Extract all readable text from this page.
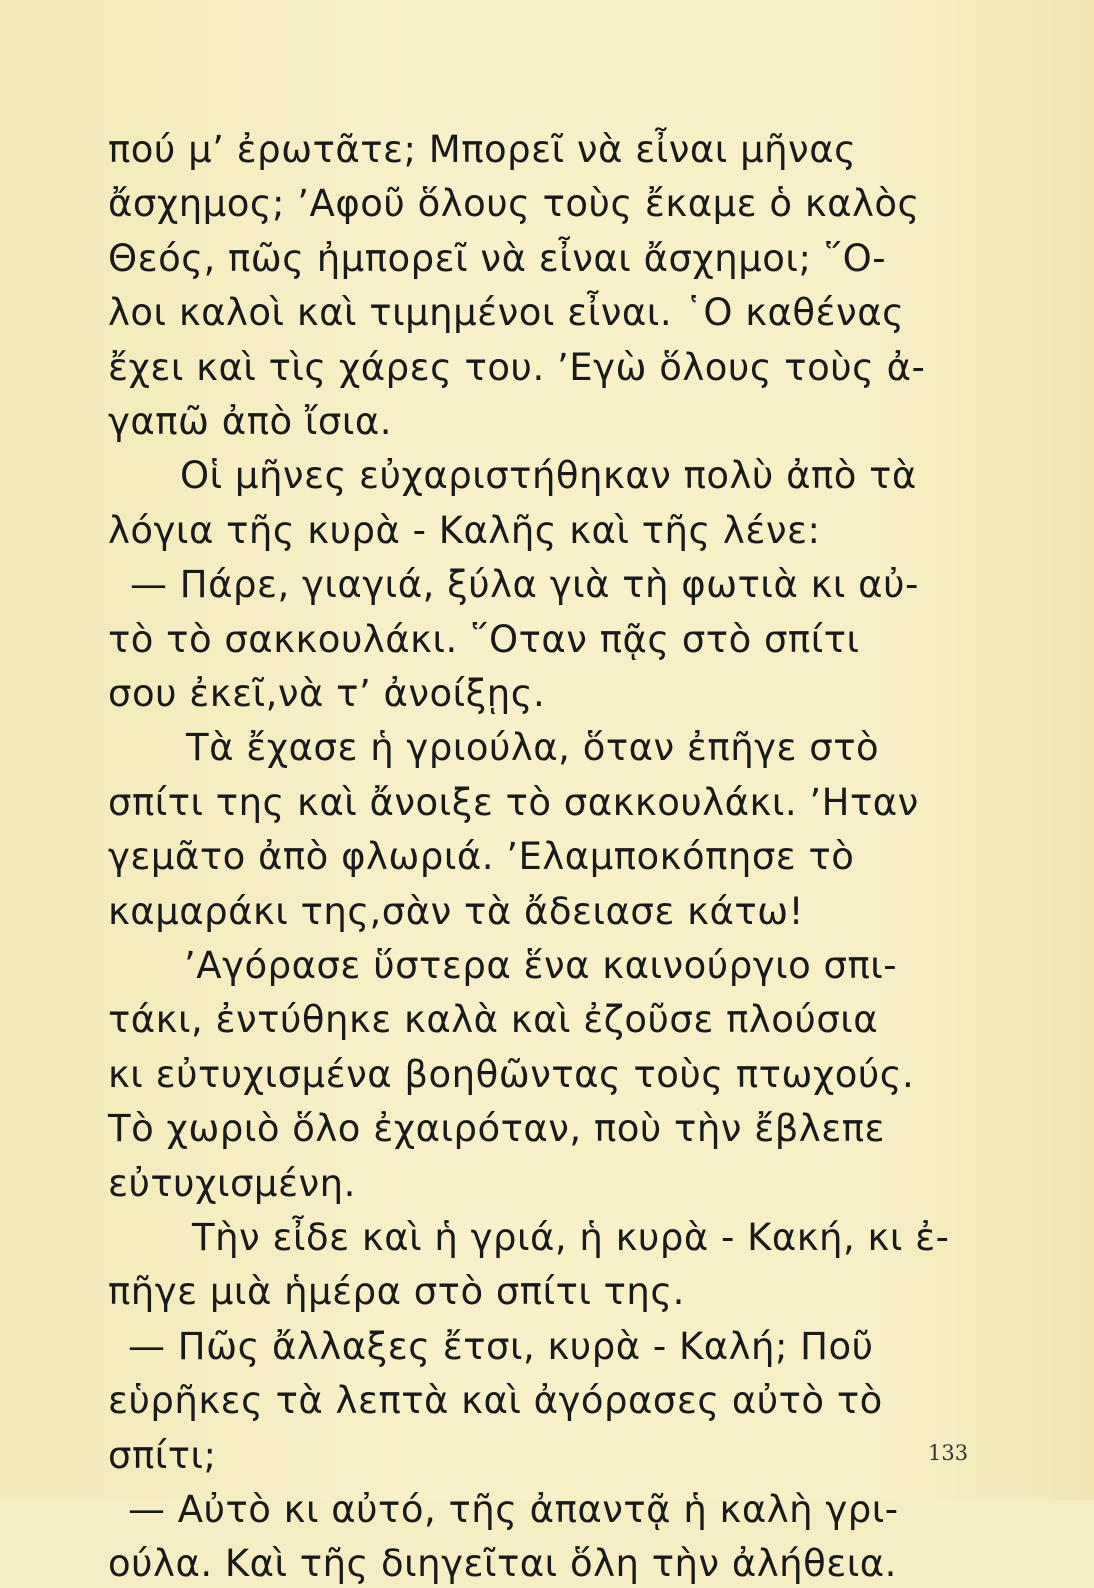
πού μ’ ἐρωτᾶτε; Μπορεῖ νὰ εἶναι μῆνας
ἄσχημος; ’Αφοῦ ὅλους τοὺς ἔκαμε ὁ καλὸς
Θεός, πῶς ἠμπορεῖ νὰ εἶναι ἄσχημοι; ῞Ο-
λοι καλοὶ καὶ τιμημένοι εἶναι. ῾Ο καθένας
ἔχει καὶ τὶς χάρες του. ’Εγὼ ὅλους τοὺς ἀ-
γαπῶ ἀπὸ ἴσια.
Οἱ μῆνες εὐχαριστήθηκαν πολὺ ἀπὸ τὰ
λόγια τῆς κυρὰ - Καλῆς καὶ τῆς λένε:
— Πάρε, γιαγιά, ξύλα γιὰ τὴ φωτιὰ κι αὐ-
τὸ τὸ σακκουλάκι. ῞Οταν πᾷς στὸ σπίτι
σου ἐκεῖ,νὰ τ’ ἀνοίξῃς.
Τὰ ἔχασε ἡ γριούλα, ὅταν ἐπῆγε στὸ
σπίτι της καὶ ἄνοιξε τὸ σακκουλάκι. ’Ηταν
γεμᾶτο ἀπὸ φλωριά. ’Ελαμποκόπησε τὸ
καμαράκι της,σὰν τὰ ἄδειασε κάτω!
’Αγόρασε ὕστερα ἕνα καινούργιο σπι-
τάκι, ἐντύθηκε καλὰ καὶ ἐζοῦσε πλούσια
κι εὐτυχισμένα βοηθῶντας τοὺς πτωχούς.
Τὸ χωριὸ ὅλο ἐχαιρόταν, ποὺ τὴν ἔβλεπε
εὐτυχισμένη.
Τὴν εἶδε καὶ ἡ γριά, ἡ κυρὰ - Κακή, κι ἐ-
πῆγε μιὰ ἡμέρα στὸ σπίτι της.
— Πῶς ἄλλαξες ἔτσι, κυρὰ - Καλή; Ποῦ
εὑρῆκες τὰ λεπτὰ καὶ ἀγόρασες αὐτὸ τὸ
σπίτι;
— Αὐτὸ κι αὐτό, τῆς ἀπαντᾷ ἡ καλὴ γρι-
ούλα. Καὶ τῆς διηγεῖται ὅλη τὴν ἀλήθεια.
133
